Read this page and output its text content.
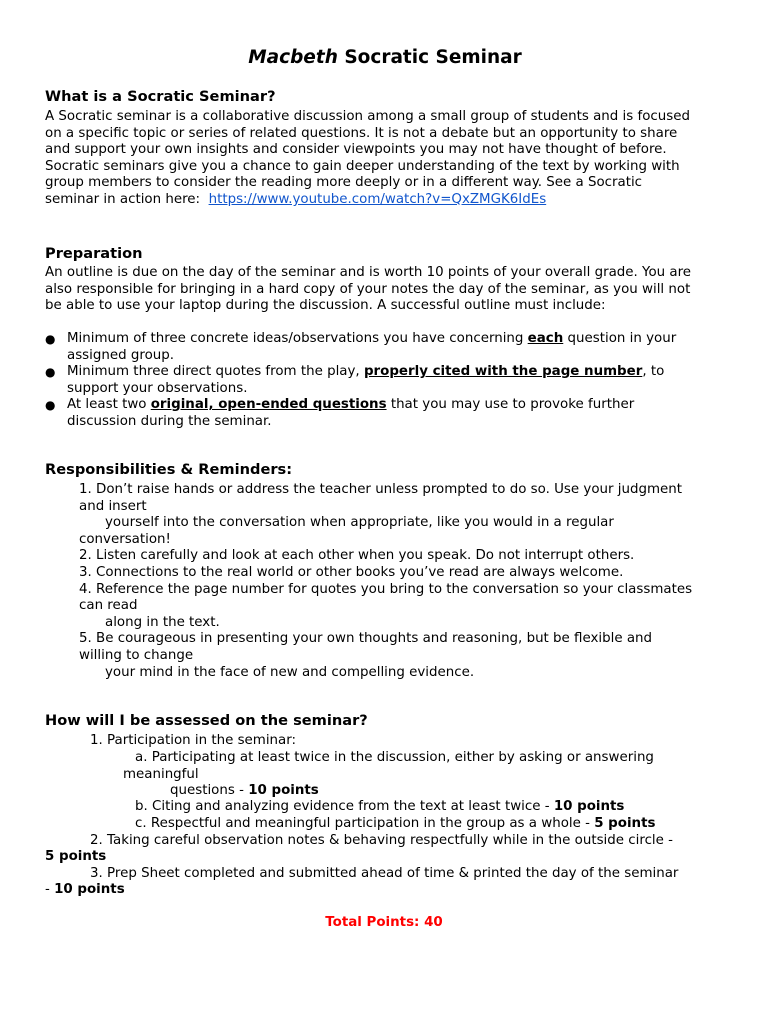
Macbeth Socratic Seminar
What is a Socratic Seminar?
A Socratic seminar is a collaborative discussion among a small group of students and is focused
on a specific topic or series of related questions. It is not a debate but an opportunity to share
and support your own insights and consider viewpoints you may not have thought of before.
Socratic seminars give you a chance to gain deeper understanding of the text by working with
group members to consider the reading more deeply or in a different way. See a Socratic
seminar in action here: https://www.youtube.com/watch?v=QxZMGK6IdEs
Preparation
An outline is due on the day of the seminar and is worth 10 points of your overall grade. You are
also responsible for bringing in a hard copy of your notes the day of the seminar, as you will not
be able to use your laptop during the discussion. A successful outline must include:
● Minimum of three concrete ideas/observations you have concerning each question in your
assigned group.
● Minimum three direct quotes from the play, properly cited with the page number, to
support your observations.
● At least two original, open-ended questions that you may use to provoke further
discussion during the seminar.
Responsibilities & Reminders:
1. Don’t raise hands or address the teacher unless prompted to do so. Use your judgment
and insert
yourself into the conversation when appropriate, like you would in a regular
conversation!
2. Listen carefully and look at each other when you speak. Do not interrupt others.
3. Connections to the real world or other books you’ve read are always welcome.
4. Reference the page number for quotes you bring to the conversation so your classmates
can read
along in the text.
5. Be courageous in presenting your own thoughts and reasoning, but be flexible and
willing to change
your mind in the face of new and compelling evidence.
How will I be assessed on the seminar?
1. Participation in the seminar:
a. Participating at least twice in the discussion, either by asking or answering
meaningful
questions - 10 points
b. Citing and analyzing evidence from the text at least twice - 10 points
c. Respectful and meaningful participation in the group as a whole - 5 points
2. Taking careful observation notes & behaving respectfully while in the outside circle -
5 points
3. Prep Sheet completed and submitted ahead of time & printed the day of the seminar
- 10 points
Total Points: 40
